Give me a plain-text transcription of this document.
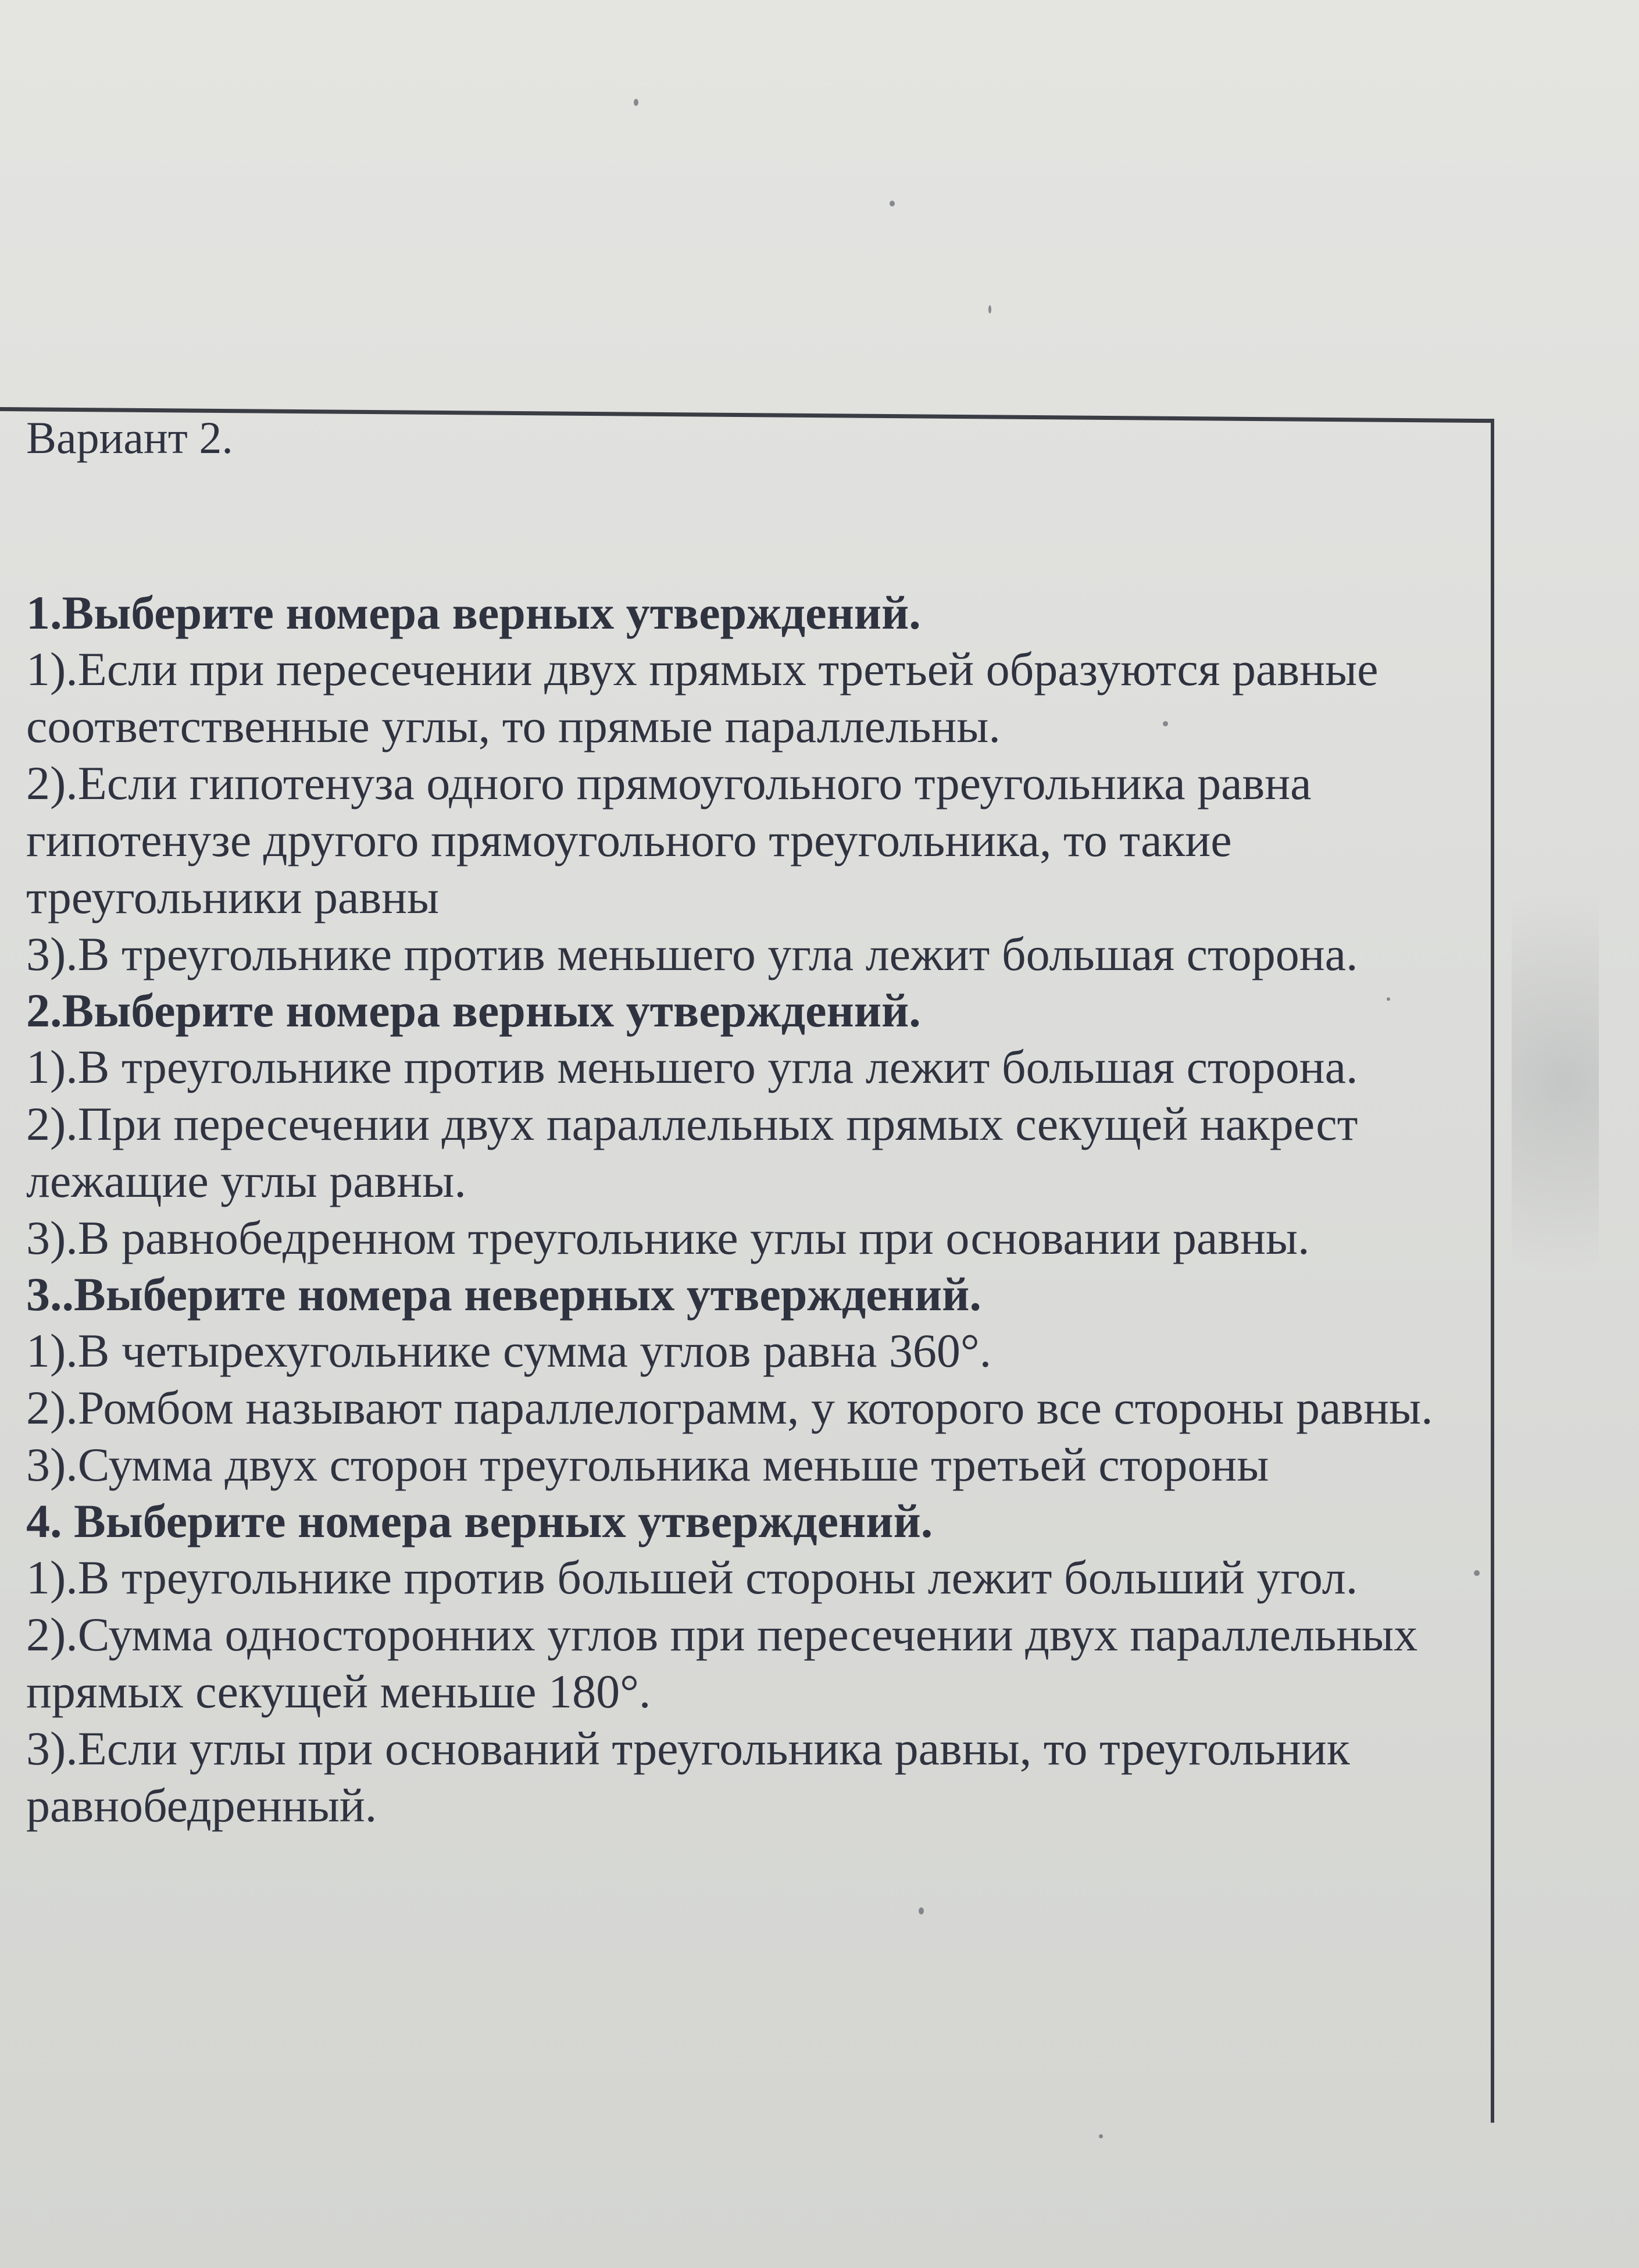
Вариант 2.
1.Выберите номера верных утверждений.
1).Если при пересечении двух прямых третьей образуются равные соответственные углы, то прямые параллельны.
2).Если гипотенуза одного прямоугольного треугольника равна гипотенузе другого прямоугольного треугольника, то такие треугольники равны
3).В треугольнике против меньшего угла лежит большая сторона.
2.Выберите номера верных утверждений.
1).В треугольнике против меньшего угла лежит большая сторона.
2).При пересечении двух параллельных прямых секущей накрест лежащие углы равны.
3).В равнобедренном треугольнике углы при основании равны.
3..Выберите номера неверных утверждений.
1).В четырехугольнике сумма углов равна 360°.
2).Ромбом называют параллелограмм, у которого все стороны равны.
3).Сумма двух сторон треугольника меньше третьей стороны
4. Выберите номера верных утверждений.
1).В треугольнике против большей стороны лежит больший угол.
2).Сумма односторонних углов при пересечении двух параллельных прямых секущей меньше 180°.
3).Если углы при оснований треугольника равны, то треугольник равнобедренный.
